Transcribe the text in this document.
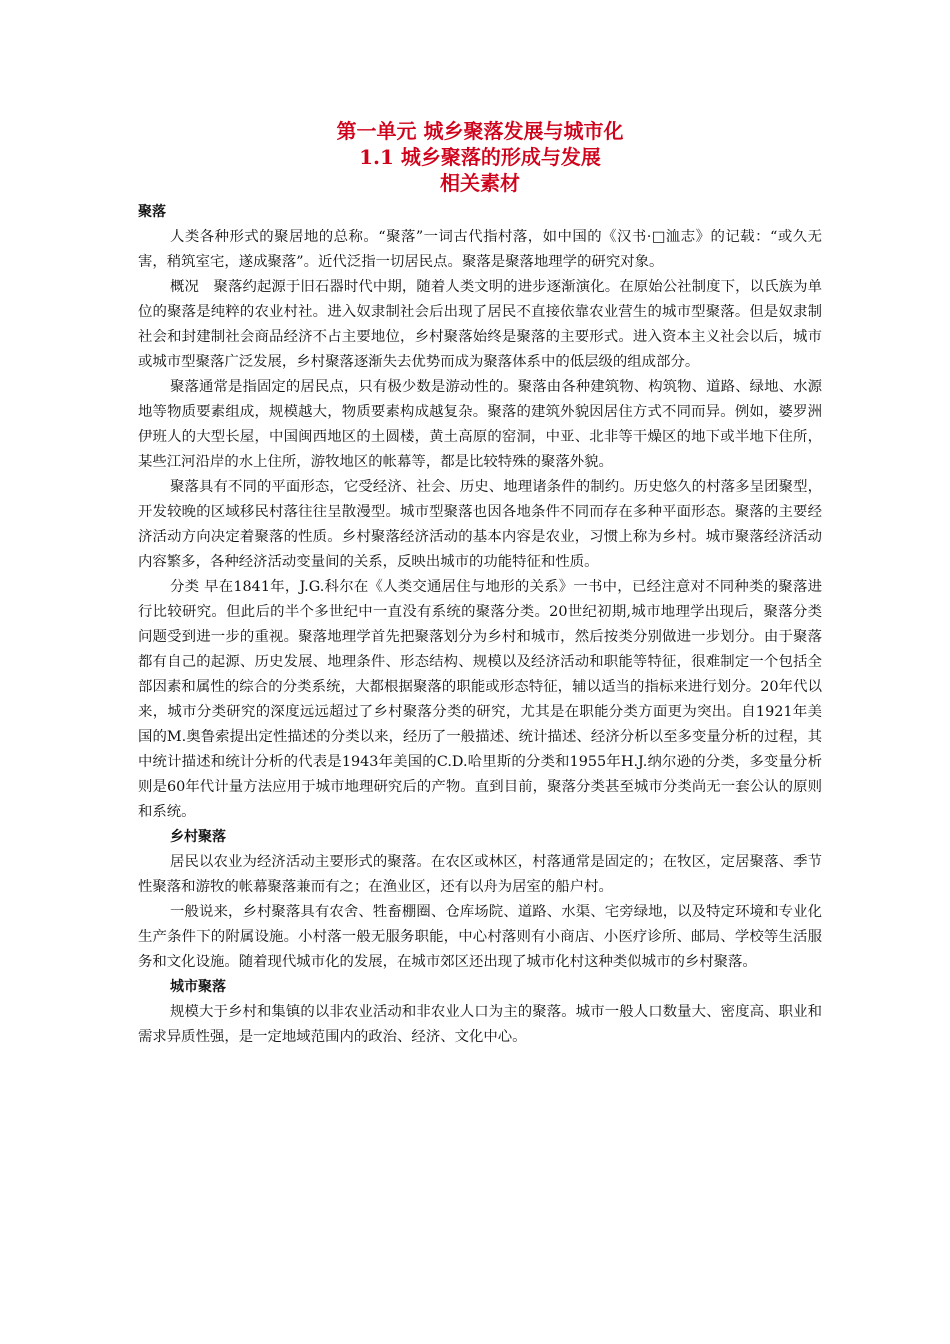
第一单元 城乡聚落发展与城市化
1.1 城乡聚落的形成与发展
相关素材

聚落

人类各种形式的聚居地的总称。“聚落”一词古代指村落，如中国的《汉书·□洫志》的记载：“或久无害，稍筑室宅，遂成聚落”。近代泛指一切居民点。聚落是聚落地理学的研究对象。

概况　聚落约起源于旧石器时代中期，随着人类文明的进步逐渐演化。在原始公社制度下，以氏族为单位的聚落是纯粹的农业村社。进入奴隶制社会后出现了居民不直接依靠农业营生的城市型聚落。但是奴隶制社会和封建制社会商品经济不占主要地位，乡村聚落始终是聚落的主要形式。进入资本主义社会以后，城市或城市型聚落广泛发展，乡村聚落逐渐失去优势而成为聚落体系中的低层级的组成部分。

聚落通常是指固定的居民点，只有极少数是游动性的。聚落由各种建筑物、构筑物、道路、绿地、水源地等物质要素组成，规模越大，物质要素构成越复杂。聚落的建筑外貌因居住方式不同而异。例如，婆罗洲伊班人的大型长屋，中国闽西地区的土圆楼，黄土高原的窑洞，中亚、北非等干燥区的地下或半地下住所，某些江河沿岸的水上住所，游牧地区的帐幕等，都是比较特殊的聚落外貌。

聚落具有不同的平面形态，它受经济、社会、历史、地理诸条件的制约。历史悠久的村落多呈团聚型，开发较晚的区域移民村落往往呈散漫型。城市型聚落也因各地条件不同而存在多种平面形态。聚落的主要经济活动方向决定着聚落的性质。乡村聚落经济活动的基本内容是农业，习惯上称为乡村。城市聚落经济活动内容繁多，各种经济活动变量间的关系，反映出城市的功能特征和性质。

分类 早在1841年，J.G.科尔在《人类交通居住与地形的关系》一书中，已经注意对不同种类的聚落进行比较研究。但此后的半个多世纪中一直没有系统的聚落分类。20世纪初期,城市地理学出现后，聚落分类问题受到进一步的重视。聚落地理学首先把聚落划分为乡村和城市，然后按类分别做进一步划分。由于聚落都有自己的起源、历史发展、地理条件、形态结构、规模以及经济活动和职能等特征，很难制定一个包括全部因素和属性的综合的分类系统，大都根据聚落的职能或形态特征，辅以适当的指标来进行划分。20年代以来，城市分类研究的深度远远超过了乡村聚落分类的研究，尤其是在职能分类方面更为突出。自1921年美国的M.奥鲁索提出定性描述的分类以来，经历了一般描述、统计描述、经济分析以至多变量分析的过程，其中统计描述和统计分析的代表是1943年美国的C.D.哈里斯的分类和1955年H.J.纳尔逊的分类，多变量分析则是60年代计量方法应用于城市地理研究后的产物。直到目前，聚落分类甚至城市分类尚无一套公认的原则和系统。

乡村聚落

居民以农业为经济活动主要形式的聚落。在农区或林区，村落通常是固定的；在牧区，定居聚落、季节性聚落和游牧的帐幕聚落兼而有之；在渔业区，还有以舟为居室的船户村。

一般说来，乡村聚落具有农舍、牲畜棚圈、仓库场院、道路、水渠、宅旁绿地，以及特定环境和专业化生产条件下的附属设施。小村落一般无服务职能，中心村落则有小商店、小医疗诊所、邮局、学校等生活服务和文化设施。随着现代城市化的发展，在城市郊区还出现了城市化村这种类似城市的乡村聚落。

城市聚落

规模大于乡村和集镇的以非农业活动和非农业人口为主的聚落。城市一般人口数量大、密度高、职业和需求异质性强，是一定地域范围内的政治、经济、文化中心。
